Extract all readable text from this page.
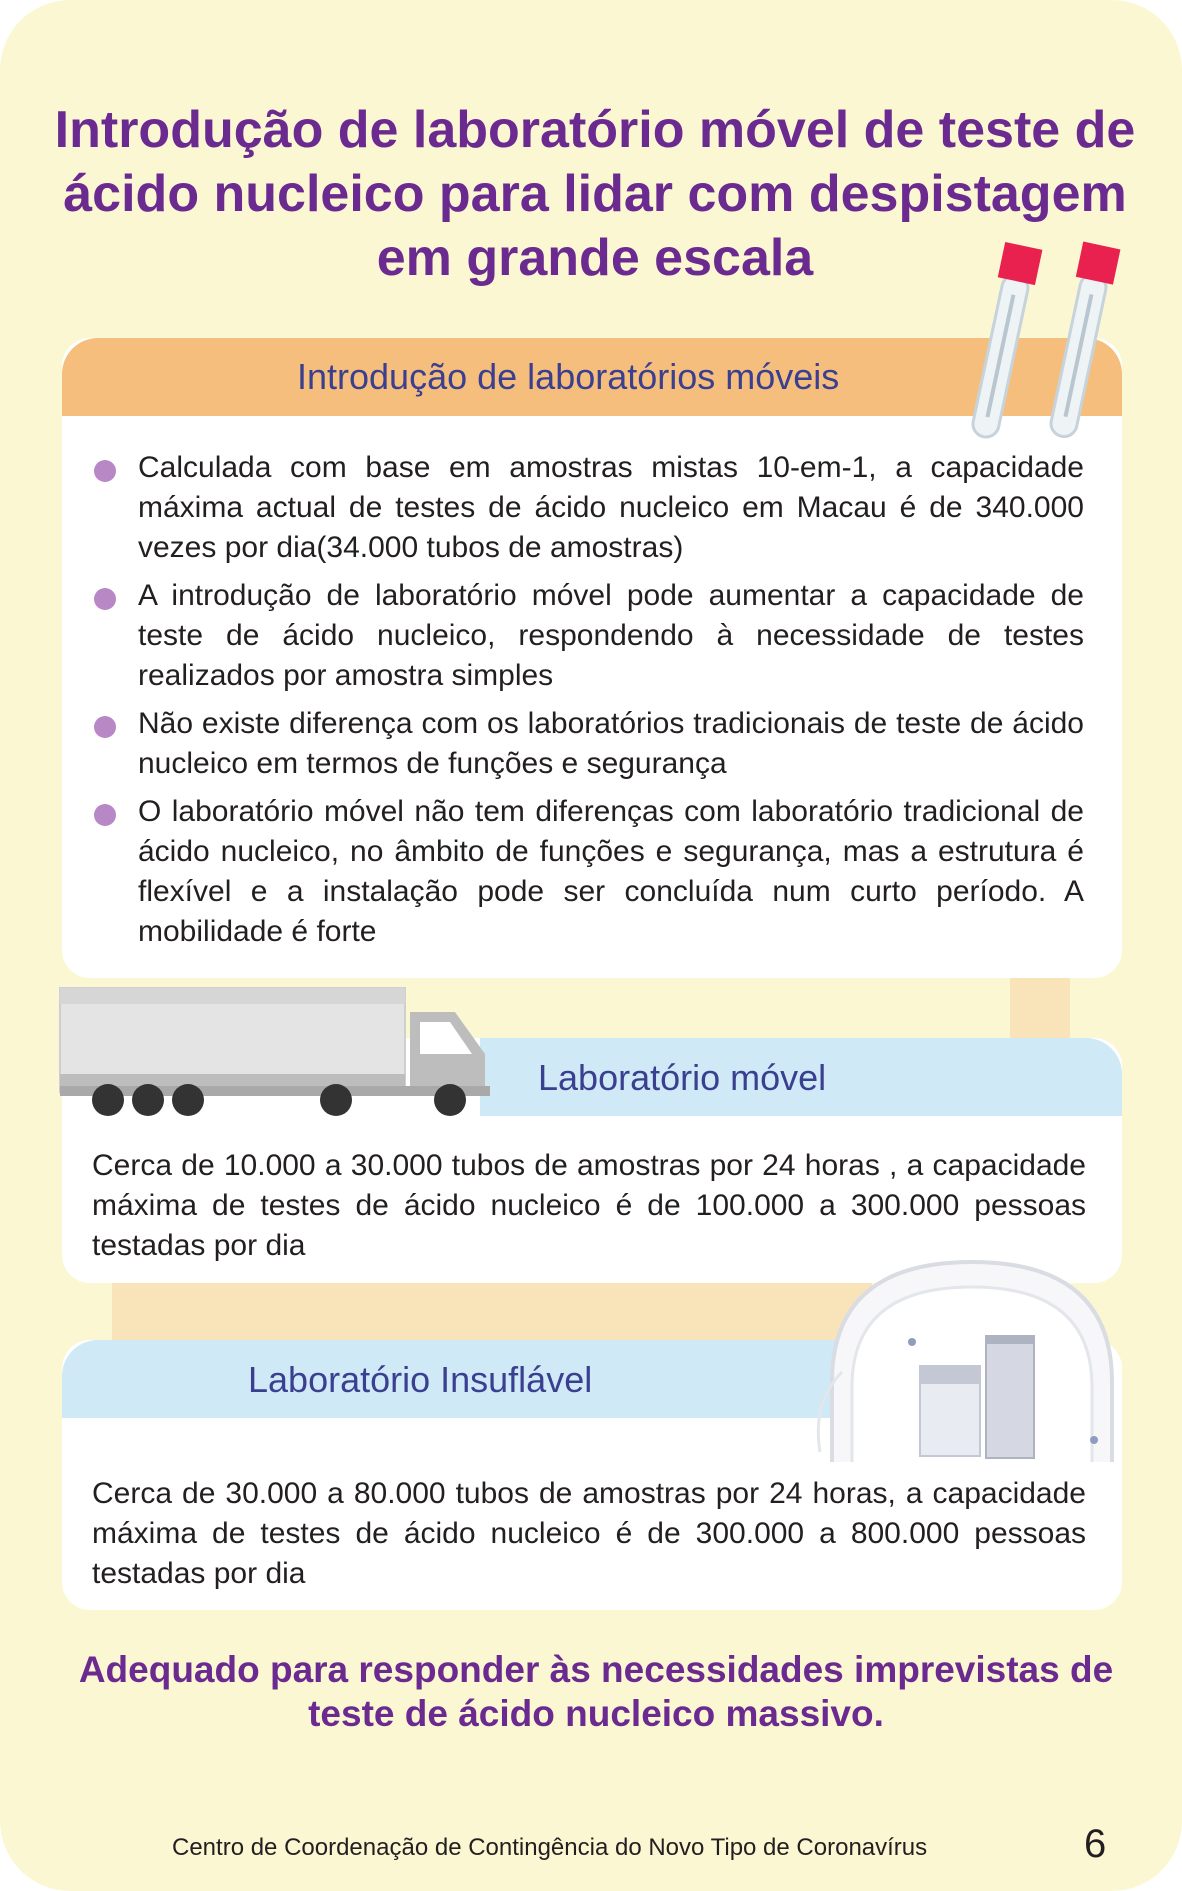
Introdução de laboratório móvel de teste de ácido nucleico para lidar com despistagem em grande escala
Introdução de laboratórios móveis
Calculada com base em amostras mistas 10-em-1, a capacidade máxima actual de testes de ácido nucleico em Macau é de 340.000 vezes por dia(34.000 tubos de amostras)
A introdução de laboratório móvel pode aumentar a capacidade de teste de ácido nucleico, respondendo à necessidade de testes realizados por amostra simples
Não existe diferença com os laboratórios tradicionais de teste de ácido nucleico em termos de funções e segurança
O laboratório móvel não tem diferenças com laboratório tradicional de ácido nucleico, no âmbito de funções e segurança, mas a estrutura é flexível e a instalação pode ser concluída num curto período. A mobilidade é forte
Laboratório móvel
Cerca de 10.000 a 30.000 tubos de amostras por 24 horas , a capacidade máxima de testes de ácido nucleico é de 100.000 a 300.000 pessoas testadas por dia
Laboratório Insuflável
Cerca de 30.000 a 80.000 tubos de amostras por 24 horas, a capacidade máxima de testes de ácido nucleico é de 300.000 a 800.000 pessoas testadas por dia
Adequado para responder às necessidades imprevistas de teste de ácido nucleico massivo.
Centro de Coordenação de Contingência do Novo Tipo de Coronavírus	6
